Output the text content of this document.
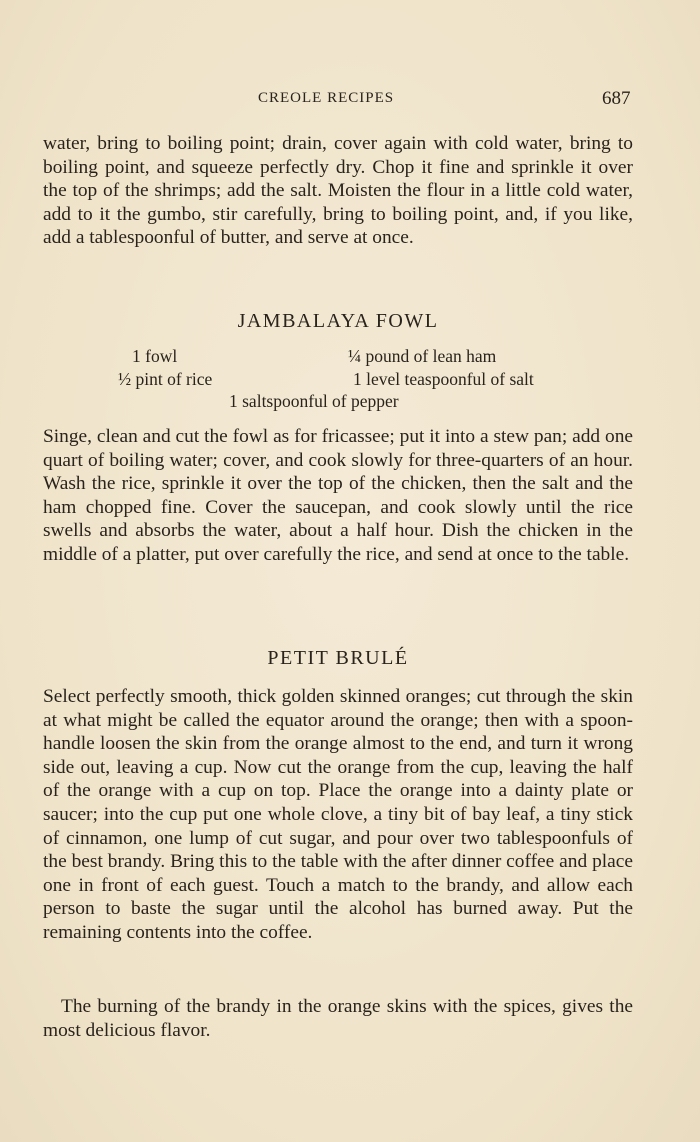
CREOLE RECIPES	687

water, bring to boiling point; drain, cover again with cold water, bring to boiling point, and squeeze perfectly dry. Chop it fine and sprinkle it over the top of the shrimps; add the salt. Moisten the flour in a little cold water, add to it the gumbo, stir carefully, bring to boiling point, and, if you like, add a tablespoonful of butter, and serve at once.

JAMBALAYA FOWL
1 fowl	¼ pound of lean ham
½ pint of rice	1 level teaspoonful of salt
1 saltspoonful of pepper

Singe, clean and cut the fowl as for fricassee; put it into a stew pan; add one quart of boiling water; cover, and cook slowly for three-quarters of an hour. Wash the rice, sprinkle it over the top of the chicken, then the salt and the ham chopped fine. Cover the saucepan, and cook slowly until the rice swells and absorbs the water, about a half hour. Dish the chicken in the middle of a platter, put over carefully the rice, and send at once to the table.

PETIT BRULÉ

Select perfectly smooth, thick golden skinned oranges; cut through the skin at what might be called the equator around the orange; then with a spoon-handle loosen the skin from the orange almost to the end, and turn it wrong side out, leaving a cup. Now cut the orange from the cup, leaving the half of the orange with a cup on top. Place the orange into a dainty plate or saucer; into the cup put one whole clove, a tiny bit of bay leaf, a tiny stick of cinnamon, one lump of cut sugar, and pour over two tablespoonfuls of the best brandy. Bring this to the table with the after dinner coffee and place one in front of each guest. Touch a match to the brandy, and allow each person to baste the sugar until the alcohol has burned away. Put the remaining contents into the coffee.

The burning of the brandy in the orange skins with the spices, gives the most delicious flavor.
